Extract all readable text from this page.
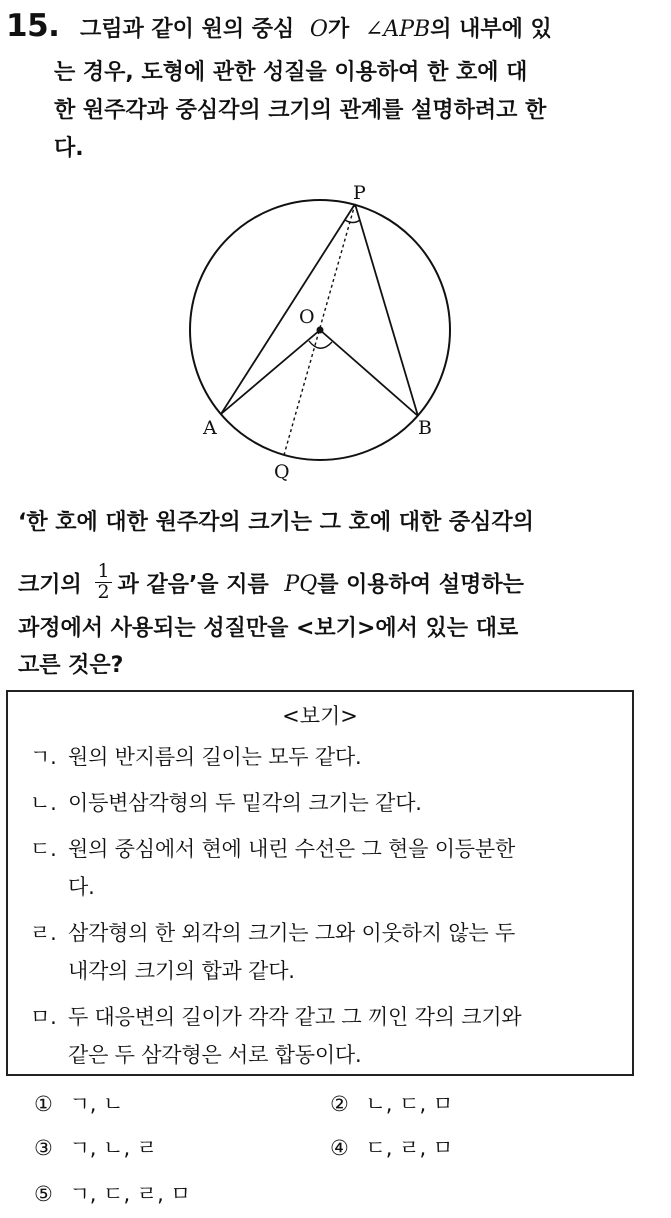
15. 그림과 같이 원의 중심 O가 ∠APB의 내부에 있
는 경우, 도형에 관한 성질을 이용하여 한 호에 대
한 원주각과 중심각의 크기의 관계를 설명하려고 한
다.
P
O
A	B
Q
‘한 호에 대한 원주각의 크기는 그 호에 대한 중심각의
크기의 $\frac{1}{2}$ 과 같음’을 지름 PQ를 이용하여 설명하는
과정에서 사용되는 성질만을 <보기>에서 있는 대로
고른 것은?
<보기>
ㄱ. 원의 반지름의 길이는 모두 같다.
ㄴ. 이등변삼각형의 두 밑각의 크기는 같다.
ㄷ. 원의 중심에서 현에 내린 수선은 그 현을 이등분한
다.
ㄹ. 삼각형의 한 외각의 크기는 그와 이웃하지 않는 두
내각의 크기의 합과 같다.
ㅁ. 두 대응변의 길이가 각각 같고 그 끼인 각의 크기와
같은 두 삼각형은 서로 합동이다.
① ㄱ, ㄴ	② ㄴ, ㄷ, ㅁ
③ ㄱ, ㄴ, ㄹ	④ ㄷ, ㄹ, ㅁ
⑤ ㄱ, ㄷ, ㄹ, ㅁ
